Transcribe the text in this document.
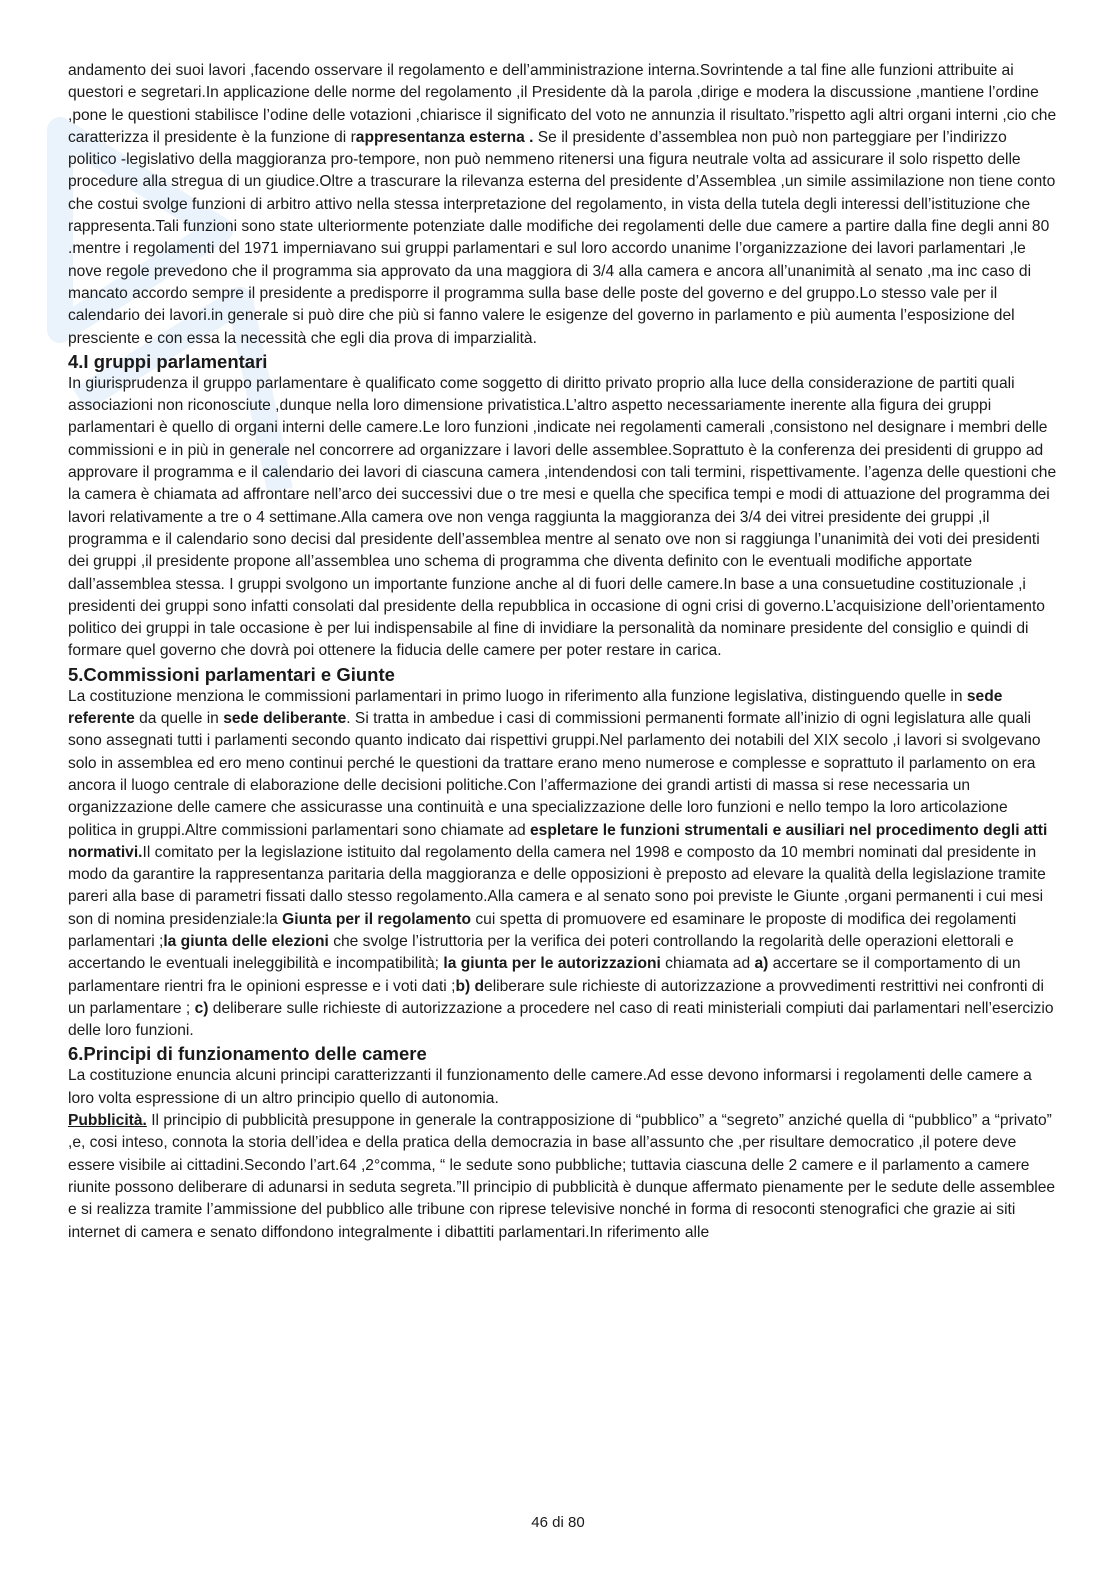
andamento dei suoi lavori ,facendo osservare il regolamento e dell’amministrazione interna.Sovrintende a tal fine alle funzioni attribuite ai questori e segretari.In applicazione delle norme del regolamento ,il Presidente dà la parola ,dirige e modera la discussione ,mantiene l’ordine ,pone le questioni stabilisce l’odine delle votazioni ,chiarisce il significato del voto ne annunzia il risultato.”rispetto agli altri organi interni ,cio che caratterizza il presidente è la funzione di rappresentanza esterna . Se il presidente d’assemblea non può non parteggiare per l’indirizzo politico -legislativo della maggioranza pro-tempore, non può nemmeno ritenersi una figura neutrale volta ad assicurare il solo rispetto delle procedure alla stregua di un giudice.Oltre a trascurare la rilevanza esterna del presidente d’Assemblea ,un simile assimilazione non tiene conto che costui svolge funzioni di arbitro attivo nella stessa interpretazione del regolamento, in vista della tutela degli interessi dell’istituzione che rappresenta.Tali funzioni sono state ulteriormente potenziate dalle modifiche dei regolamenti delle due camere a partire dalla fine degli anni 80 .mentre i regolamenti del 1971 imperniavano sui gruppi parlamentari e sul loro accordo unanime l’organizzazione dei lavori parlamentari ,le nove regole prevedono che il programma sia approvato da una maggiora di 3/4 alla camera e ancora all’unanimità al senato ,ma inc caso di mancato accordo sempre il presidente a predisporre il programma sulla base delle poste del governo e del gruppo.Lo stesso vale per il calendario dei lavori.in generale si può dire che più si fanno valere le esigenze del governo in parlamento e più aumenta l’esposizione del presciente e con essa la necessità che egli dia prova di imparzialità.

4.I gruppi parlamentari

In giurisprudenza il gruppo parlamentare è qualificato come soggetto di diritto privato proprio alla luce della considerazione de partiti quali associazioni non riconosciute ,dunque nella loro dimensione privatistica.L’altro aspetto necessariamente inerente alla figura dei gruppi parlamentari è quello di organi interni delle camere.Le loro funzioni ,indicate nei regolamenti camerali ,consistono nel designare i membri delle commissioni e in più in generale nel concorrere ad organizzare i lavori delle assemblee.Soprattuto è la conferenza dei presidenti di gruppo ad approvare il programma e il calendario dei lavori di ciascuna camera ,intendendosi con tali termini, rispettivamente. l’agenza delle questioni che la camera è chiamata ad affrontare nell’arco dei successivi due o tre mesi e quella che specifica tempi e modi di attuazione del programma dei lavori relativamente a tre o 4 settimane.Alla camera ove non venga raggiunta la maggioranza dei 3/4 dei vitrei presidente dei gruppi ,il programma e il calendario sono decisi dal presidente dell’assemblea mentre al senato ove non si raggiunga l’unanimità dei voti dei presidenti dei gruppi ,il presidente propone all’assemblea uno schema di programma che diventa definito con le eventuali modifiche apportate dall’assemblea stessa. I gruppi svolgono un importante funzione anche al di fuori delle camere.In base a una consuetudine costituzionale ,i presidenti dei gruppi sono infatti consolati dal presidente della repubblica in occasione di ogni crisi di governo.L’acquisizione dell’orientamento politico dei gruppi in tale occasione è per lui indispensabile al fine di invidiare la personalità da nominare presidente del consiglio e quindi di formare quel governo che dovrà poi ottenere la fiducia delle camere per poter restare in carica.

5.Commissioni parlamentari e Giunte

La costituzione menziona le commissioni parlamentari in primo luogo in riferimento alla funzione legislativa, distinguendo quelle in sede referente da quelle in sede deliberante. Si tratta in ambedue i casi di commissioni permanenti formate all’inizio di ogni legislatura alle quali sono assegnati tutti i parlamenti secondo quanto indicato dai rispettivi gruppi.Nel parlamento dei notabili del XIX secolo ,i lavori si svolgevano solo in assemblea ed ero meno continui perché le questioni da trattare erano meno numerose e complesse e soprattuto il parlamento on era ancora il luogo centrale di elaborazione delle decisioni politiche.Con l’affermazione dei grandi artisti di massa si rese necessaria un organizzazione delle camere che assicurasse una continuità e una specializzazione delle loro funzioni e nello tempo la loro articolazione politica in gruppi.Altre commissioni parlamentari sono chiamate ad espletare le funzioni strumentali e ausiliari nel procedimento degli atti normativi.Il comitato per la legislazione istituito dal regolamento della camera nel 1998 e composto da 10 membri nominati dal presidente in modo da garantire la rappresentanza paritaria della maggioranza e delle opposizioni è preposto ad elevare la qualità della legislazione tramite pareri alla base di parametri fissati dallo stesso regolamento.Alla camera e al senato sono poi previste le Giunte ,organi permanenti i cui mesi son di nomina presidenziale:la Giunta per il regolamento cui spetta di promuovere ed esaminare le proposte di modifica dei regolamenti parlamentari ;la giunta delle elezioni che svolge l’istruttoria per la verifica dei poteri controllando la regolarità delle operazioni elettorali e accertando le eventuali ineleggibilità e incompatibilità; la giunta per le autorizzazioni chiamata ad a) accertare se il comportamento di un parlamentare rientri fra le opinioni espresse e i voti dati ;b) deliberare sule richieste di autorizzazione a provvedimenti restrittivi nei confronti di un parlamentare ; c) deliberare sulle richieste di autorizzazione a procedere nel caso di reati ministeriali compiuti dai parlamentari nell’esercizio delle loro funzioni.

6.Principi di funzionamento delle camere

La costituzione enuncia alcuni principi caratterizzanti il funzionamento delle camere.Ad esse devono informarsi i regolamenti delle camere a loro volta espressione di un altro principio quello di autonomia.

Pubblicità. Il principio di pubblicità presuppone in generale la contrapposizione di “pubblico” a “segreto” anziché quella di “pubblico” a “privato” ,e, cosi inteso, connota la storia dell’idea e della pratica della democrazia in base all’assunto che ,per risultare democratico ,il potere deve essere visibile ai cittadini.Secondo l’art.64 ,2°comma, “ le sedute sono pubbliche; tuttavia ciascuna delle 2 camere e il parlamento a camere riunite possono deliberare di adunarsi in seduta segreta.”Il principio di pubblicità è dunque affermato pienamente per le sedute delle assemblee e si realizza tramite l’ammissione del pubblico alle tribune con riprese televisive nonché in forma di resoconti stenografici che grazie ai siti internet di camera e senato diffondono integralmente i dibattiti parlamentari.In riferimento alle

46 di 80
